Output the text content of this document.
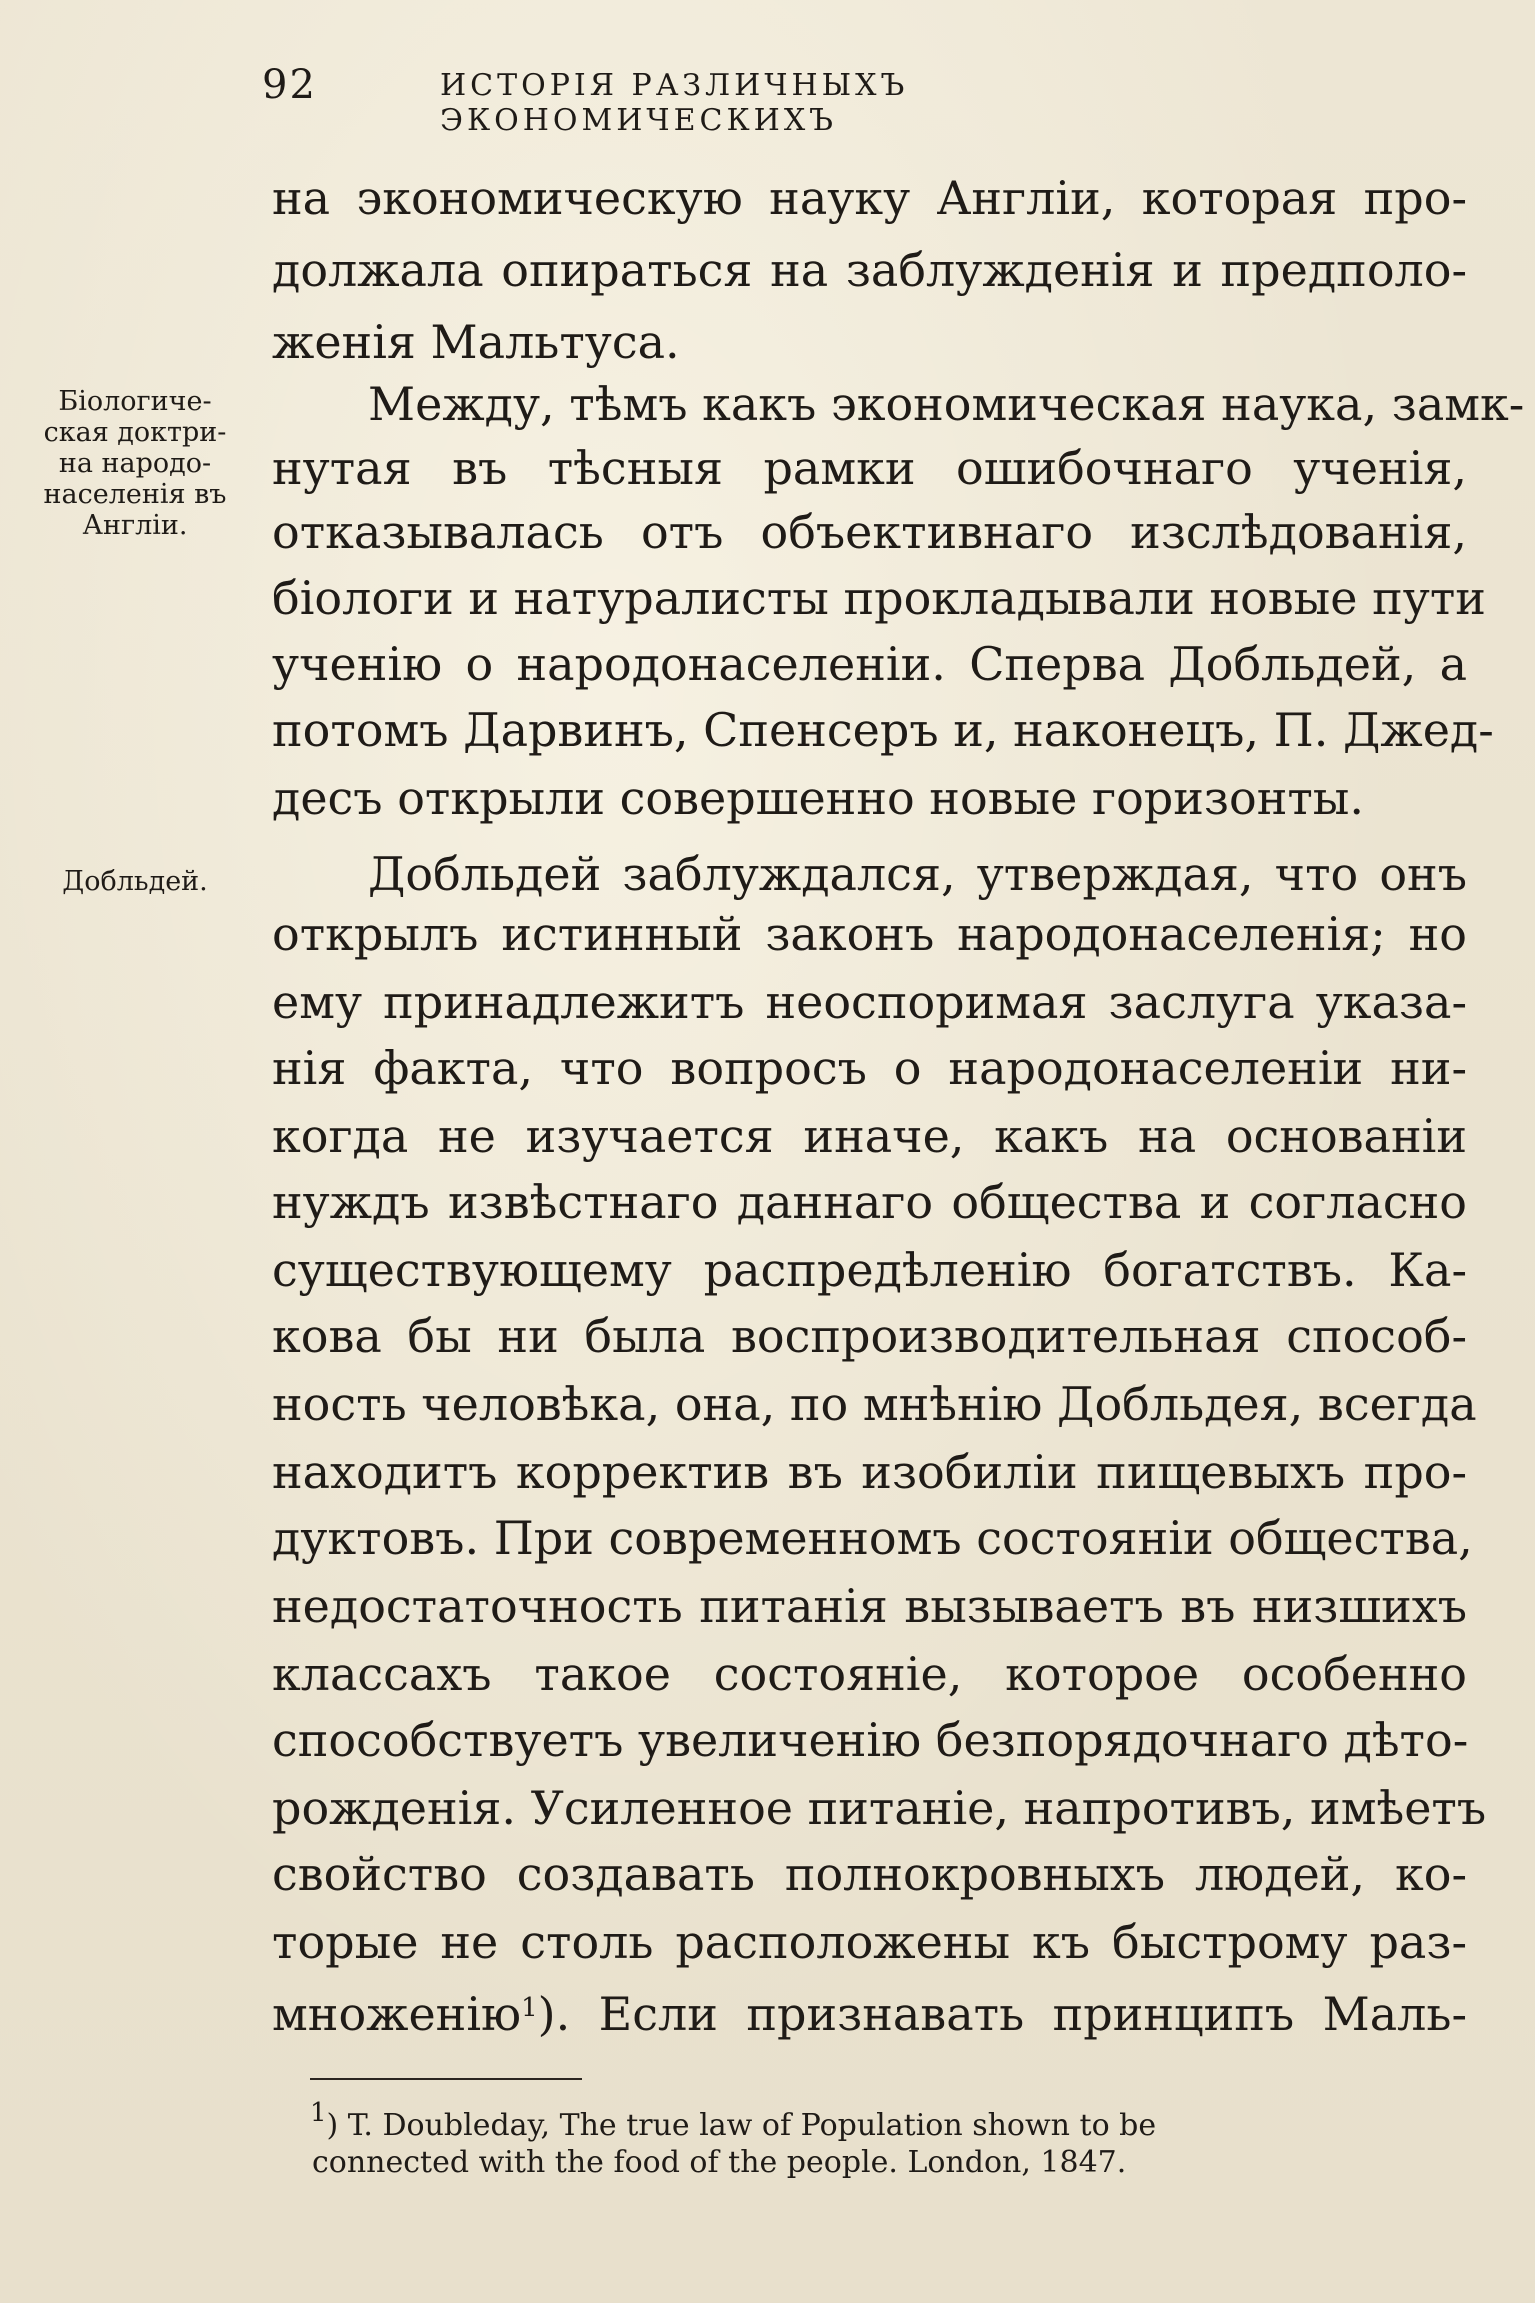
92	ИСТОРІЯ РАЗЛИЧНЫХЪ ЭКОНОМИЧЕСКИХЪ
Біологиче-
ская доктри-
на народо-
населенія въ
Англіи.
Добльдей.
на экономическую науку Англіи, которая про-
должала опираться на заблужденія и предполо-
женія Мальтуса.
Между, тѣмъ какъ экономическая наука, замк-
нутая въ тѣсныя рамки ошибочнаго ученія,
отказывалась отъ объективнаго изслѣдованія,
біологи и натуралисты прокладывали новые пути
ученію о народонаселеніи. Сперва Добльдей, а
потомъ Дарвинъ, Спенсеръ и, наконецъ, П. Джед-
десъ открыли совершенно новые горизонты.
Добльдей заблуждался, утверждая, что онъ
открылъ истинный законъ народонаселенія; но
ему принадлежитъ неоспоримая заслуга указа-
нія факта, что вопросъ о народонаселеніи ни-
когда не изучается иначе, какъ на основаніи
нуждъ извѣстнаго даннаго общества и согласно
существующему распредѣленію богатствъ. Ка-
кова бы ни была воспроизводительная способ-
ность человѣка, она, по мнѣнію Добльдея, всегда
находитъ корректив въ изобиліи пищевыхъ про-
дуктовъ. При современномъ состояніи общества,
недостаточность питанія вызываетъ въ низшихъ
классахъ такое состояніе, которое особенно
способствуетъ увеличенію безпорядочнаго дѣто-
рожденія. Усиленное питаніе, напротивъ, имѣетъ
свойство создавать полнокровныхъ людей, ко-
торые не столь расположены къ быстрому раз-
множенію$^1$). Если признавать принципъ Маль-
1) T. Doubleday, The true law of Population shown to be
connected with the food of the people. London, 1847.
